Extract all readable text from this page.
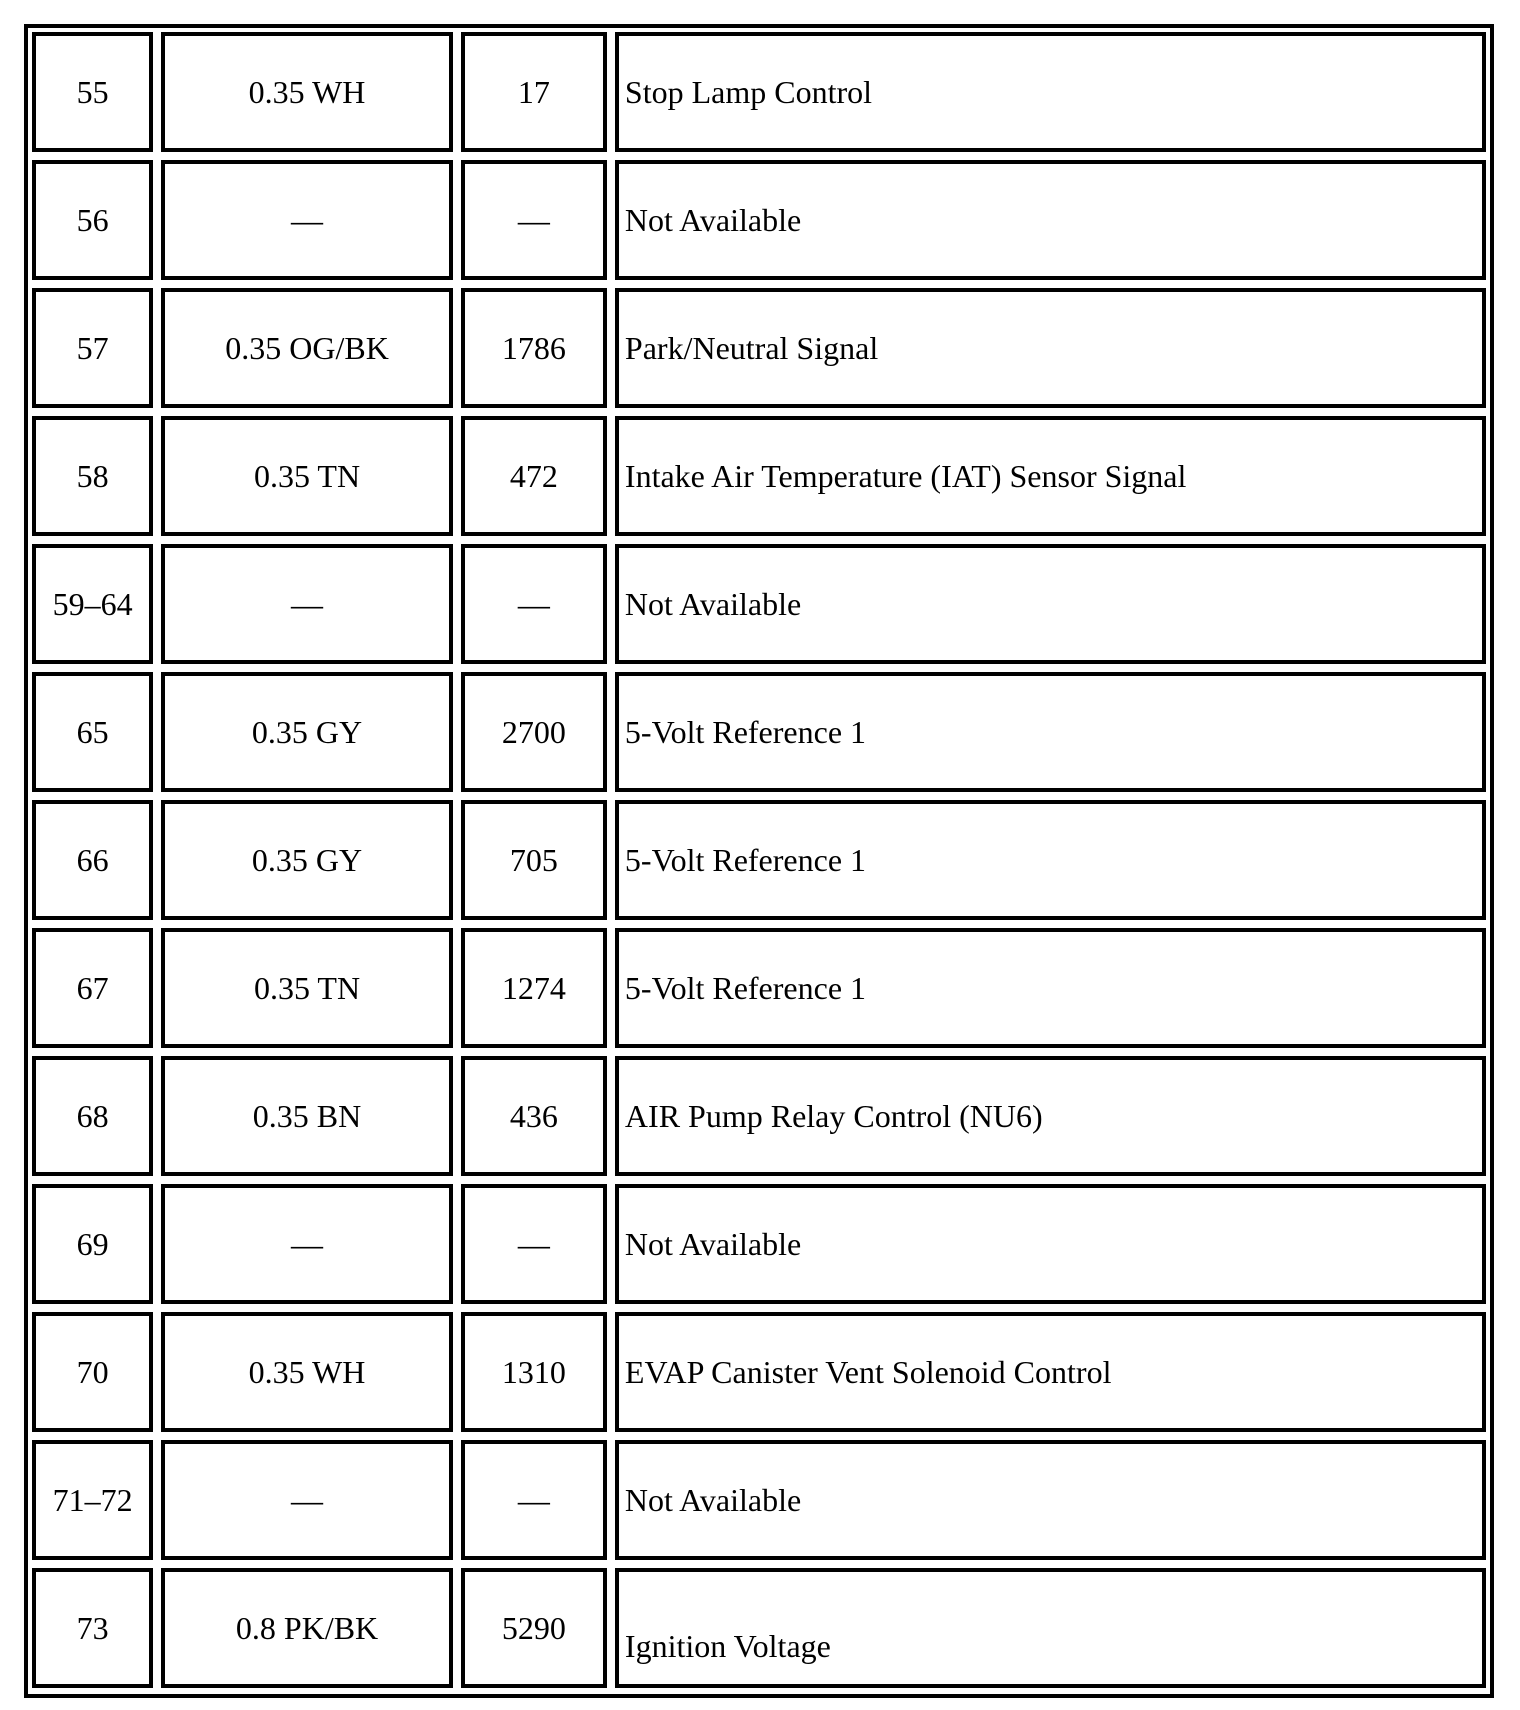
55	0.35 WH	17	Stop Lamp Control
56	—	—	Not Available
57	0.35 OG/BK	1786	Park/Neutral Signal
58	0.35 TN	472	Intake Air Temperature (IAT) Sensor Signal
59–64	—	—	Not Available
65	0.35 GY	2700	5-Volt Reference 1
66	0.35 GY	705	5-Volt Reference 1
67	0.35 TN	1274	5-Volt Reference 1
68	0.35 BN	436	AIR Pump Relay Control (NU6)
69	—	—	Not Available
70	0.35 WH	1310	EVAP Canister Vent Solenoid Control
71–72	—	—	Not Available
73	0.8 PK/BK	5290	Ignition Voltage
